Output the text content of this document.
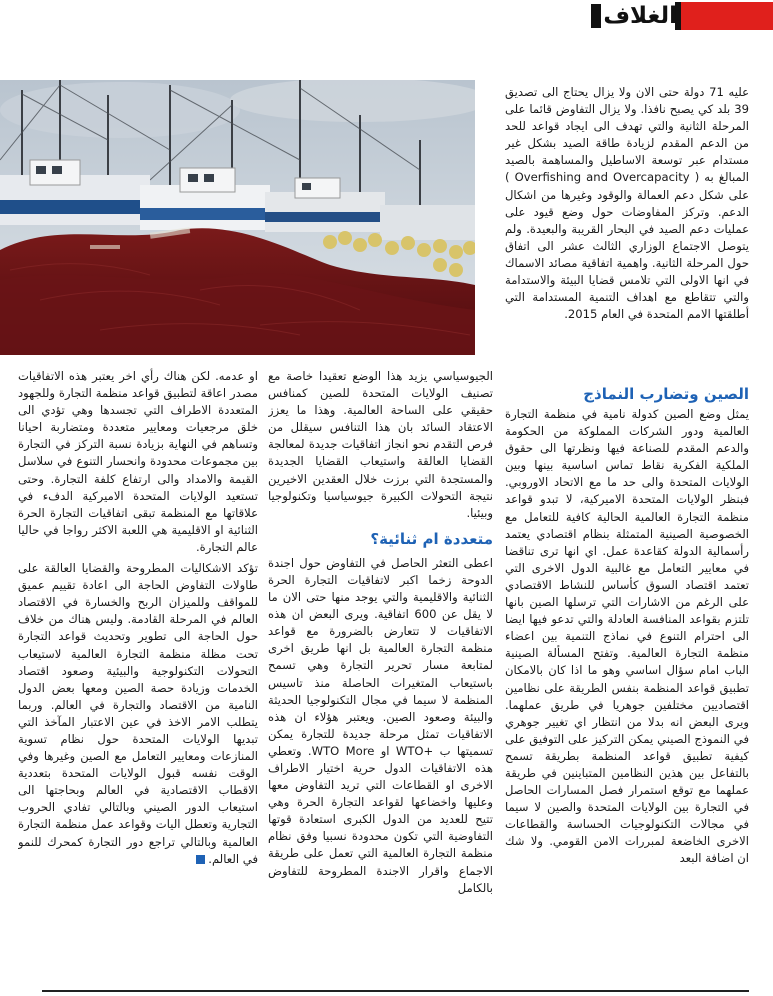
الغلاف

عليه 71 دولة حتى الان ولا يزال يحتاج الى تصديق 39 بلد كي يصبح نافذا. ولا يزال التفاوض قائما على المرحلة الثانية والتي تهدف الى ايجاد قواعد للحد من الدعم المقدم لزيادة طاقة الصيد بشكل غير مستدام عبر توسعة الاساطيل والمساهمة بالصيد المبالغ به ( Overfishing and Overcapacity ) على شكل دعم العمالة والوقود وغيرها من اشكال الدعم. وتركز المفاوضات حول وضع قيود على عمليات دعم الصيد في البحار القريبة والبعيدة. ولم يتوصل الاجتماع الوزاري الثالث عشر الى اتفاق حول المرحلة الثانية. واهمية اتفاقية مصائد الاسماك في انها الاولى التي تلامس قضايا البيئة والاستدامة والتي تتقاطع مع اهداف التنمية المستدامة التي أطلقتها الامم المتحدة في العام 2015.

الصين وتضارب النماذج

يمثل وضع الصين كدولة نامية في منظمة التجارة العالمية ودور الشركات المملوكة من الحكومة والدعم المقدم للصناعة فيها ونظرتها الى حقوق الملكية الفكرية نقاط تماس اساسية بينها وبين الولايات المتحدة والى حد ما مع الاتحاد الاوروبي. فبنظر الولايات المتحدة الاميركية، لا تبدو قواعد منظمة التجارة العالمية الحالية كافية للتعامل مع الخصوصية الصينية المتمثلة بنظام اقتصادي يعتمد رأسمالية الدولة كقاعدة عمل. اي انها ترى تناقضا في معايير التعامل مع غالبية الدول الاخرى التي تعتمد اقتصاد السوق كأساس للنشاط الاقتصادي على الرغم من الاشارات التي ترسلها الصين بانها تلتزم بقواعد المنافسة العادلة والتي تدعو فيها ايضا الى احترام التنوع في نماذج التنمية بين اعضاء منظمة التجارة العالمية. وتفتح المسألة الصينية الباب امام سؤال اساسي وهو ما اذا كان بالامكان تطبيق قواعد المنظمة بنفس الطريقة على نظامين اقتصاديين مختلفين جوهريا في طريق عملهما. ويرى البعض انه بدلا من انتظار اي تغيير جوهري في النموذج الصيني يمكن التركيز على التوفيق على كيفية تطبيق قواعد المنظمة بطريقة تسمح بالتفاعل بين هذين النظامين المتباينين في طريقة عملهما مع توقع استمرار فصل المسارات الحاصل في التجارة بين الولايات المتحدة والصين لا سيما في مجالات التكنولوجيات الحساسة والقطاعات الاخرى الخاضعة لمبررات الامن القومي. ولا شك ان اضافة البعد

الجيوسياسي يزيد هذا الوضع تعقيدا خاصة مع تصنيف الولايات المتحدة للصين كمنافس حقيقي على الساحة العالمية. وهذا ما يعزز الاعتقاد السائد بان هذا التنافس سيقلل من فرص التقدم نحو انجاز اتفاقيات جديدة لمعالجة القضايا العالقة واستيعاب القضايا الجديدة والمستجدة التي برزت خلال العقدين الاخيرين نتيجة التحولات الكبيرة جيوسياسيا وتكنولوجيا وبيئيا.

متعددة ام ثنائية؟

اعطى التعثر الحاصل في التفاوض حول اجندة الدوحة زخما اكبر لاتفاقيات التجارة الحرة الثنائية والاقليمية والتي يوجد منها حتى الان ما لا يقل عن 600 اتفاقية. ويرى البعض ان هذه الاتفاقيات لا تتعارض بالضرورة مع قواعد منظمة التجارة العالمية بل انها طريق اخرى لمتابعة مسار تحرير التجارة وهي تسمح باستيعاب المتغيرات الحاصلة منذ تاسيس المنظمة لا سيما في مجال التكنولوجيا الحديثة والبيئة وصعود الصين. ويعتبر هؤلاء ان هذه الاتفاقيات تمثل مرحلة جديدة للتجارة يمكن تسميتها ب +WTO او WTO More. وتعطي هذه الاتفاقيات الدول حرية اختيار الاطراف الاخرى او القطاعات التي تريد التفاوض معها وعليها واخضاعها لقواعد التجارة الحرة وهي تتيح للعديد من الدول الكبرى استعادة قوتها التفاوضية التي تكون محدودة نسبيا وفق نظام منظمة التجارة العالمية التي تعمل على طريقة الاجماع واقرار الاجندة المطروحة للتفاوض بالكامل

او عدمه. لكن هناك رأي اخر يعتبر هذه الاتفاقيات مصدر اعاقة لتطبيق قواعد منظمة التجارة وللجهود المتعددة الاطراف التي تجسدها وهي تؤدي الى خلق مرجعيات ومعايير متعددة ومتضاربة احيانا وتساهم في النهاية بزيادة نسبة التركز في التجارة بين مجموعات محدودة وانحسار التنوع في سلاسل القيمة والامداد والى ارتفاع كلفة التجارة. وحتى تستعيد الولايات المتحدة الاميركية الدفء في علاقاتها مع المنظمة تبقى اتفاقيات التجارة الحرة الثنائية او الاقليمية هي اللعبة الاكثر رواجا في حاليا عالم التجارة.

تؤكد الاشكاليات المطروحة والقضايا العالقة على طاولات التفاوض الحاجة الى اعادة تقييم عميق للمواقف وللميزان الربح والخسارة في الاقتصاد العالم في المرحلة القادمة. وليس هناك من خلاف حول الحاجة الى تطوير وتحديث قواعد التجارة تحت مظلة منظمة التجارة العالمية لاستيعاب التحولات التكنولوجية والبيئية وصعود اقتصاد الخدمات وزيادة حصة الصين ومعها بعض الدول النامية من الاقتصاد والتجارة في العالم. وربما يتطلب الامر الاخذ في عين الاعتبار المآخذ التي تبديها الولايات المتحدة حول نظام تسوية المنازعات ومعايير التعامل مع الصين وغيرها وفي الوقت نفسه قبول الولايات المتحدة بتعددية الاقطاب الاقتصادية في العالم وبحاجتها الى استيعاب الدور الصيني وبالتالي تفادي الحروب التجارية وتعطل اليات وقواعد عمل منظمة التجارة العالمية وبالتالي تراجع دور التجارة كمحرك للنمو في العالم.
